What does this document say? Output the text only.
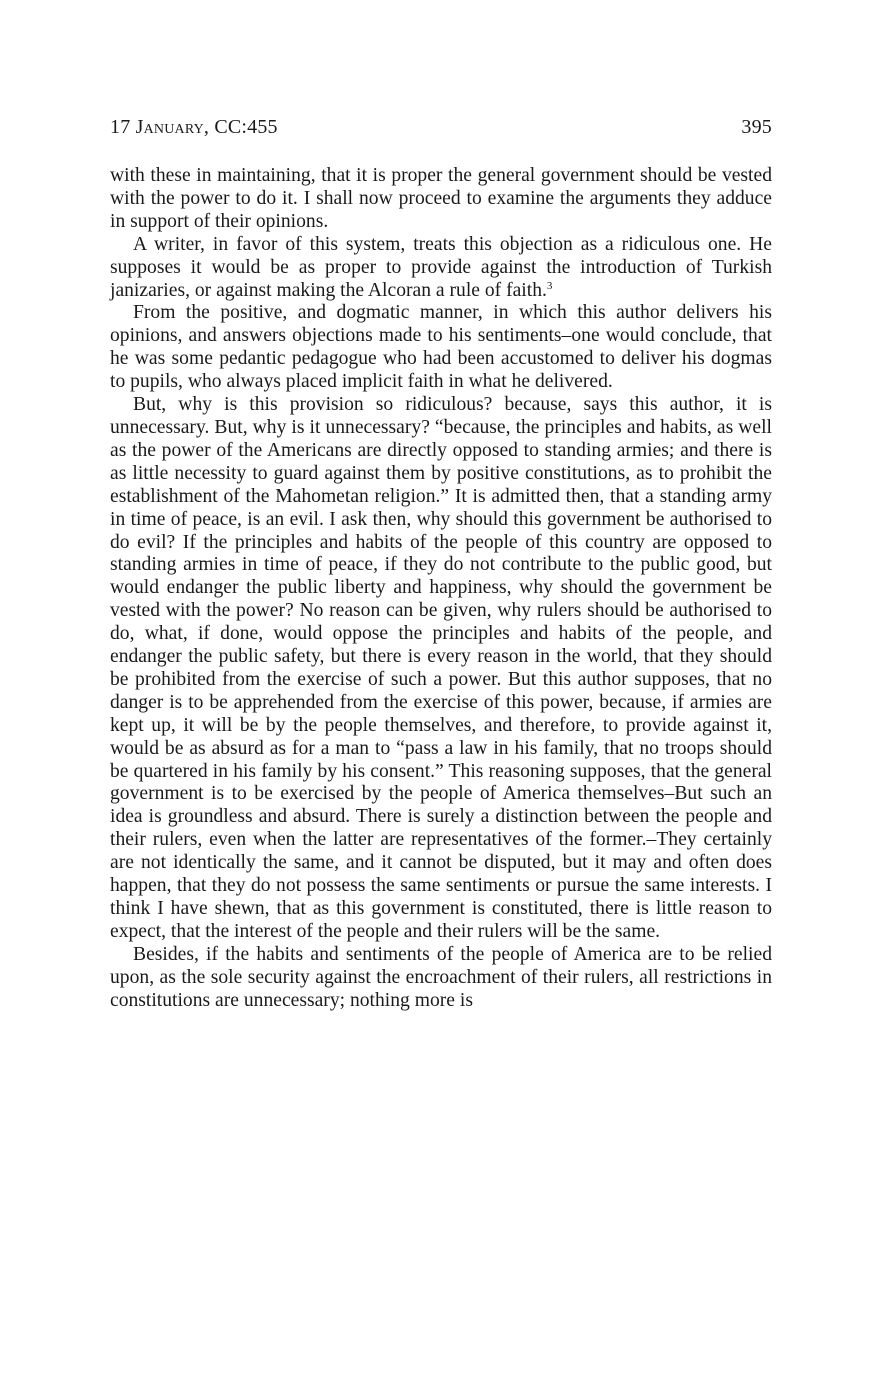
17 January, CC:455	395

with these in maintaining, that it is proper the general government should be vested with the power to do it. I shall now proceed to examine the arguments they adduce in support of their opinions.

A writer, in favor of this system, treats this objection as a ridiculous one. He supposes it would be as proper to provide against the introduction of Turkish janizaries, or against making the Alcoran a rule of faith.$^3$

From the positive, and dogmatic manner, in which this author delivers his opinions, and answers objections made to his sentiments–one would conclude, that he was some pedantic pedagogue who had been accustomed to deliver his dogmas to pupils, who always placed implicit faith in what he delivered.

But, why is this provision so ridiculous? because, says this author, it is unnecessary. But, why is it unnecessary? “because, the principles and habits, as well as the power of the Americans are directly opposed to standing armies; and there is as little necessity to guard against them by positive constitutions, as to prohibit the establishment of the Mahometan religion.” It is admitted then, that a standing army in time of peace, is an evil. I ask then, why should this government be authorised to do evil? If the principles and habits of the people of this country are opposed to standing armies in time of peace, if they do not contribute to the public good, but would endanger the public liberty and happiness, why should the government be vested with the power? No reason can be given, why rulers should be authorised to do, what, if done, would oppose the principles and habits of the people, and endanger the public safety, but there is every reason in the world, that they should be prohibited from the exercise of such a power. But this author supposes, that no danger is to be apprehended from the exercise of this power, because, if armies are kept up, it will be by the people themselves, and therefore, to provide against it, would be as absurd as for a man to “pass a law in his family, that no troops should be quartered in his family by his consent.” This reasoning supposes, that the general government is to be exercised by the people of America themselves–But such an idea is groundless and absurd. There is surely a distinction between the people and their rulers, even when the latter are representatives of the former.–They certainly are not identically the same, and it cannot be disputed, but it may and often does happen, that they do not possess the same sentiments or pursue the same interests. I think I have shewn, that as this government is constituted, there is little reason to expect, that the interest of the people and their rulers will be the same.

Besides, if the habits and sentiments of the people of America are to be relied upon, as the sole security against the encroachment of their rulers, all restrictions in constitutions are unnecessary; nothing more is
